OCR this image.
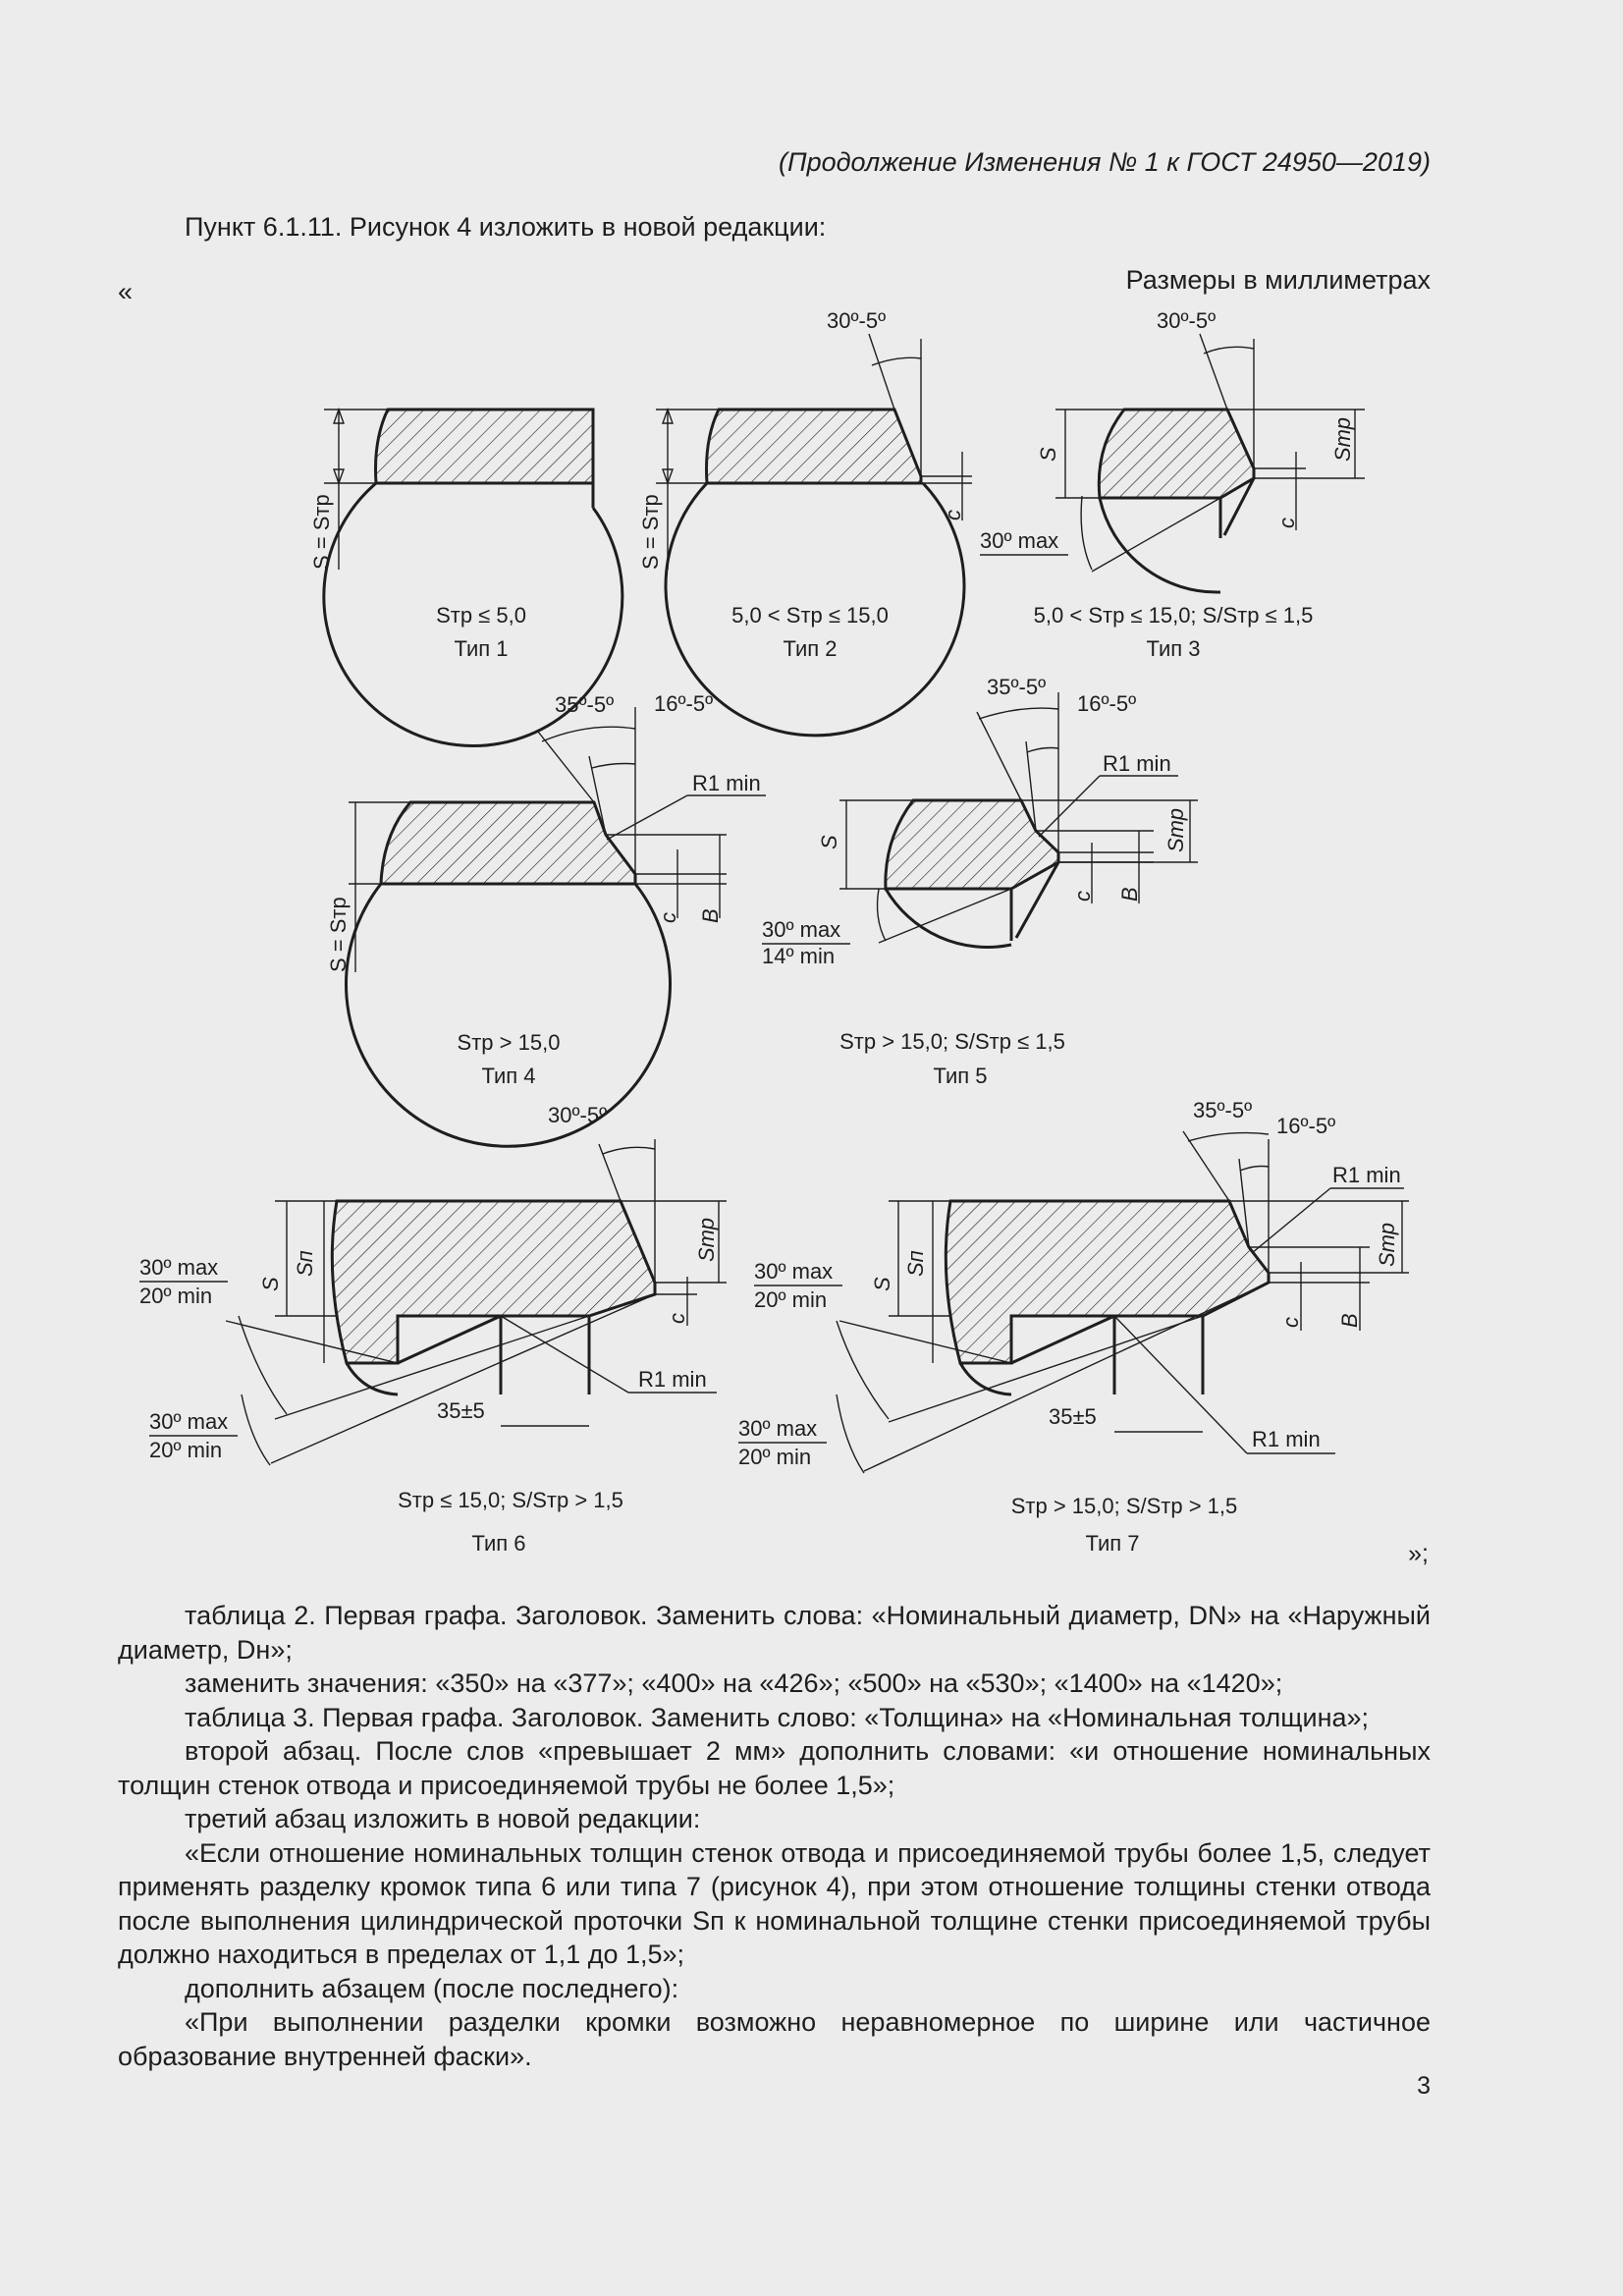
(Продолжение Изменения № 1 к ГОСТ 24950—2019)
Пункт 6.1.11. Рисунок 4 изложить в новой редакции:
«	Размеры в миллиметрах
S = Sтр
Sтр ≤ 5,0
Тип 1
S = Sтр
30º-5º
c
5,0 < Sтр ≤ 15,0
Тип 2
S	Sтр
30º-5º
c
30º max
5,0 < Sтр ≤ 15,0; S/Sтр ≤ 1,5
Тип 3
S = Sтр
35º-5º 16º-5º
R1 min
c B
Sтр > 15,0
Тип 4
S	Sтр
35º-5º
16º-5º
R1 min
c B
30º max
14º min
Sтр > 15,0; S/Sтр ≤ 1,5
Тип 5
S
Sп
Sтр
30º-5º
c
R1 min
35±5
30º max
20º min
30º max
20º min
Sтр ≤ 15,0; S/Sтр > 1,5
Тип 6
S
Sп	Sтр
35º-5º
16º-5º
R1 min
c B
R1 min
35±5
30º max
20º min
30º max
20º min
Sтр > 15,0; S/Sтр > 1,5
Тип 7	»;

таблица 2. Первая графа. Заголовок. Заменить слова: «Номинальный диаметр, DN» на «Наружный диаметр, Dн»;

заменить значения: «350» на «377»; «400» на «426»; «500» на «530»; «1400» на «1420»;

таблица 3. Первая графа. Заголовок. Заменить слово: «Толщина» на «Номинальная толщина»;

второй абзац. После слов «превышает 2 мм» дополнить словами: «и отношение номинальных толщин стенок отвода и присоединяемой трубы не более 1,5»;

третий абзац изложить в новой редакции:

«Если отношение номинальных толщин стенок отвода и присоединяемой трубы более 1,5, следует применять разделку кромок типа 6 или типа 7 (рисунок 4), при этом отношение толщины стенки отвода после выполнения цилиндрической проточки Sп к номинальной толщине стенки присоединяемой трубы должно находиться в пределах от 1,1 до 1,5»;

дополнить абзацем (после последнего):

«При выполнении разделки кромки возможно неравномерное по ширине или частичное образование внутренней фаски».

3
